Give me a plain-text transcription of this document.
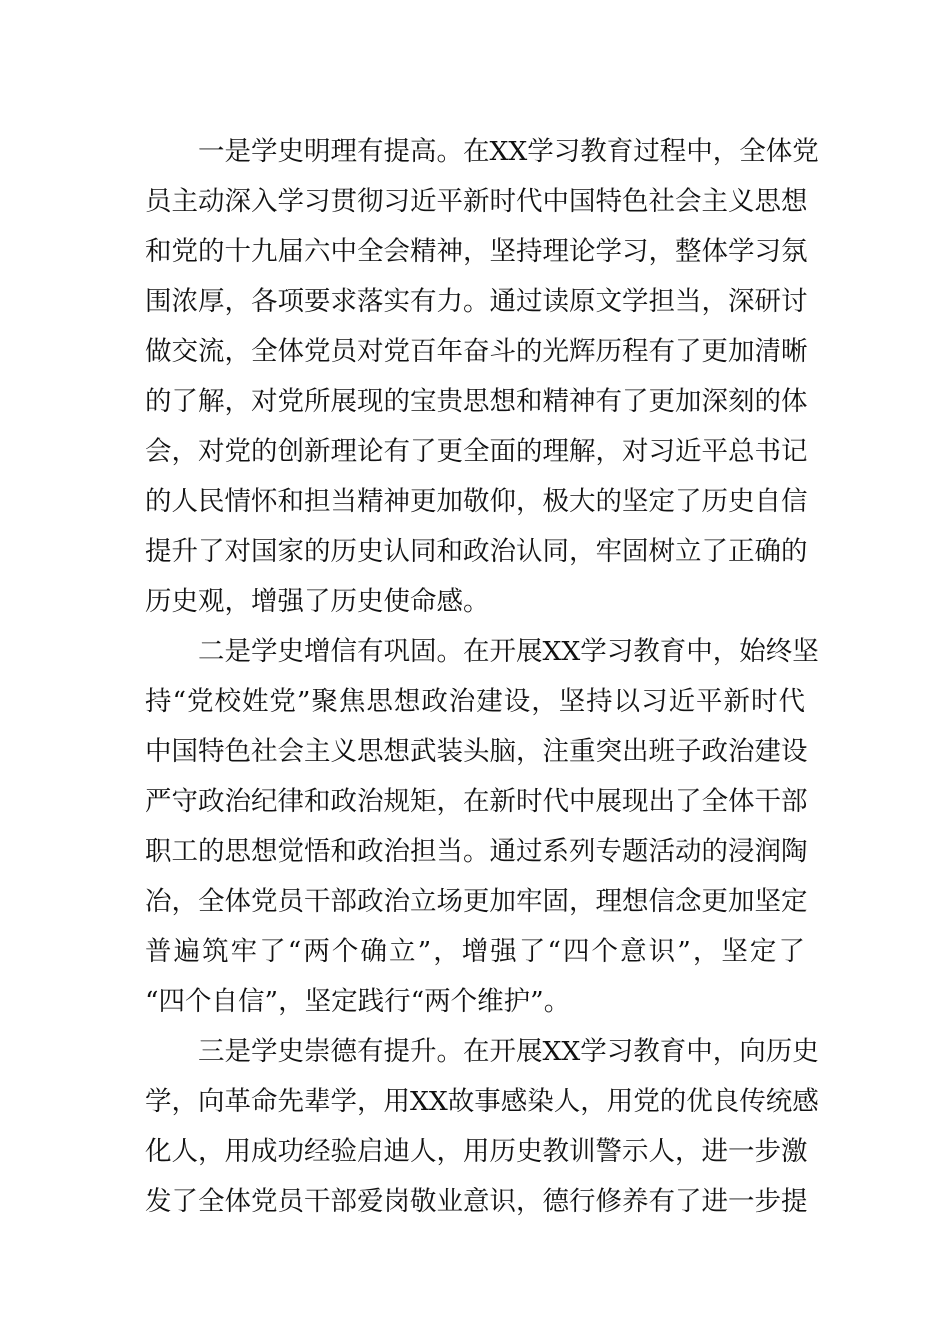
一是学史明理有提高。在XX学习教育过程中，全体党
员主动深入学习贯彻习近平新时代中国特色社会主义思想
和党的十九届六中全会精神，坚持理论学习，整体学习氛
围浓厚，各项要求落实有力。通过读原文学担当，深研讨
做交流，全体党员对党百年奋斗的光辉历程有了更加清晰
的了解，对党所展现的宝贵思想和精神有了更加深刻的体
会，对党的创新理论有了更全面的理解，对习近平总书记
的人民情怀和担当精神更加敬仰，极大的坚定了历史自信
提升了对国家的历史认同和政治认同，牢固树立了正确的
历史观，增强了历史使命感。
二是学史增信有巩固。在开展XX学习教育中，始终坚
持“党校姓党”聚焦思想政治建设，坚持以习近平新时代
中国特色社会主义思想武装头脑，注重突出班子政治建设
严守政治纪律和政治规矩，在新时代中展现出了全体干部
职工的思想觉悟和政治担当。通过系列专题活动的浸润陶
冶，全体党员干部政治立场更加牢固，理想信念更加坚定
普遍筑牢了“两个确立”，增强了“四个意识”，坚定了
“四个自信”，坚定践行“两个维护”。
三是学史崇德有提升。在开展XX学习教育中，向历史
学，向革命先辈学，用XX故事感染人，用党的优良传统感
化人，用成功经验启迪人，用历史教训警示人，进一步激
发了全体党员干部爱岗敬业意识，德行修养有了进一步提
